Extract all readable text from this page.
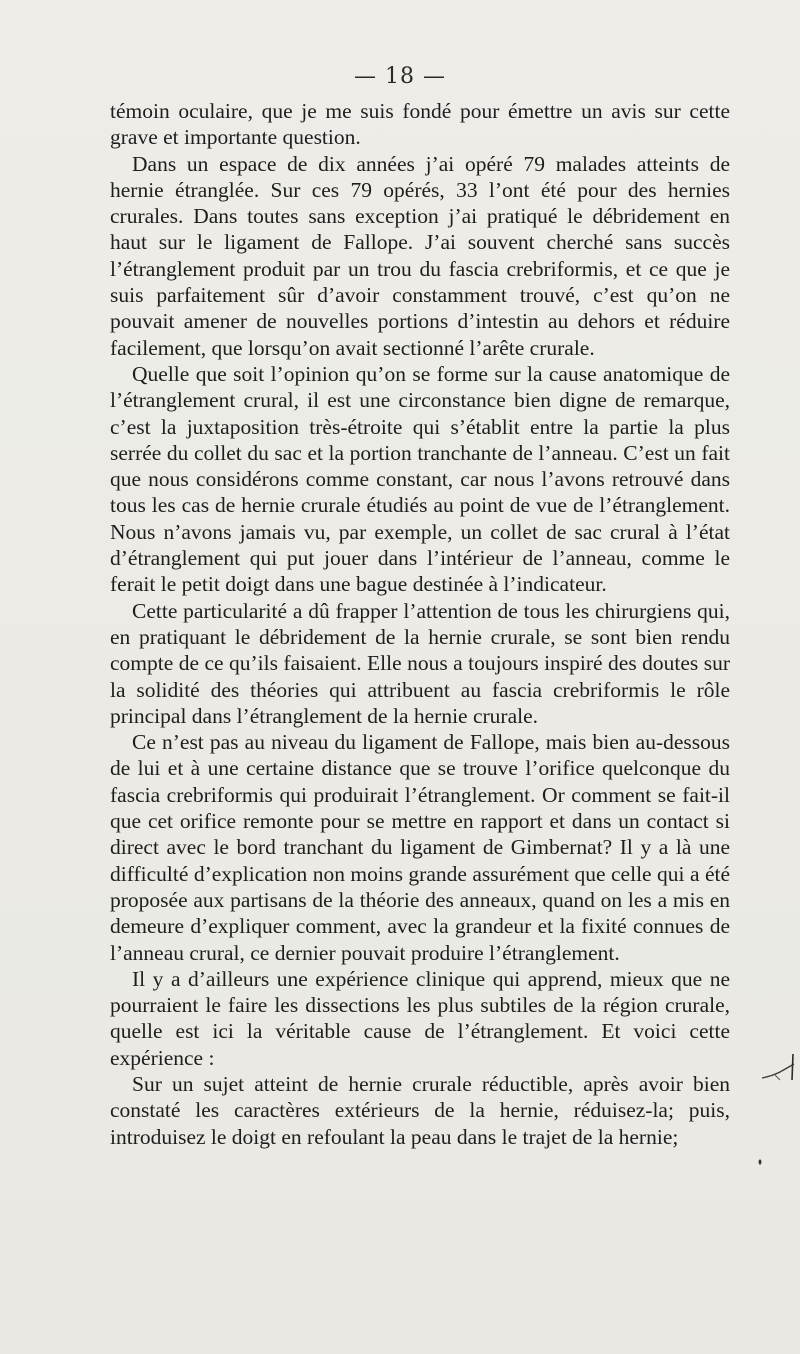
— 18 —

témoin oculaire, que je me suis fondé pour émettre un avis sur cette grave et importante question.

Dans un espace de dix années j’ai opéré 79 malades atteints de hernie étranglée. Sur ces 79 opérés, 33 l’ont été pour des hernies crurales. Dans toutes sans exception j’ai pratiqué le débridement en haut sur le ligament de Fallope. J’ai souvent cherché sans succès l’étranglement produit par un trou du fascia crebriformis, et ce que je suis parfaitement sûr d’avoir constamment trouvé, c’est qu’on ne pouvait amener de nouvelles portions d’intestin au dehors et réduire facilement, que lorsqu’on avait sectionné l’arête crurale.

Quelle que soit l’opinion qu’on se forme sur la cause anatomique de l’étranglement crural, il est une circonstance bien digne de remarque, c’est la juxtaposition très-étroite qui s’établit entre la partie la plus serrée du collet du sac et la portion tranchante de l’anneau. C’est un fait que nous considérons comme constant, car nous l’avons retrouvé dans tous les cas de hernie crurale étudiés au point de vue de l’étranglement. Nous n’avons jamais vu, par exemple, un collet de sac crural à l’état d’étranglement qui put jouer dans l’intérieur de l’anneau, comme le ferait le petit doigt dans une bague destinée à l’indicateur.

Cette particularité a dû frapper l’attention de tous les chirurgiens qui, en pratiquant le débridement de la hernie crurale, se sont bien rendu compte de ce qu’ils faisaient. Elle nous a toujours inspiré des doutes sur la solidité des théories qui attribuent au fascia crebriformis le rôle principal dans l’étranglement de la hernie crurale.

Ce n’est pas au niveau du ligament de Fallope, mais bien au-dessous de lui et à une certaine distance que se trouve l’orifice quelconque du fascia crebriformis qui produirait l’étranglement. Or comment se fait-il que cet orifice remonte pour se mettre en rapport et dans un contact si direct avec le bord tranchant du ligament de Gimbernat? Il y a là une difficulté d’explication non moins grande assurément que celle qui a été proposée aux partisans de la théorie des anneaux, quand on les a mis en demeure d’expliquer comment, avec la grandeur et la fixité connues de l’anneau crural, ce dernier pouvait produire l’étranglement.

Il y a d’ailleurs une expérience clinique qui apprend, mieux que ne pourraient le faire les dissections les plus subtiles de la région crurale, quelle est ici la véritable cause de l’étranglement. Et voici cette expérience :

Sur un sujet atteint de hernie crurale réductible, après avoir bien constaté les caractères extérieurs de la hernie, réduisez-la; puis, introduisez le doigt en refoulant la peau dans le trajet de la hernie;
